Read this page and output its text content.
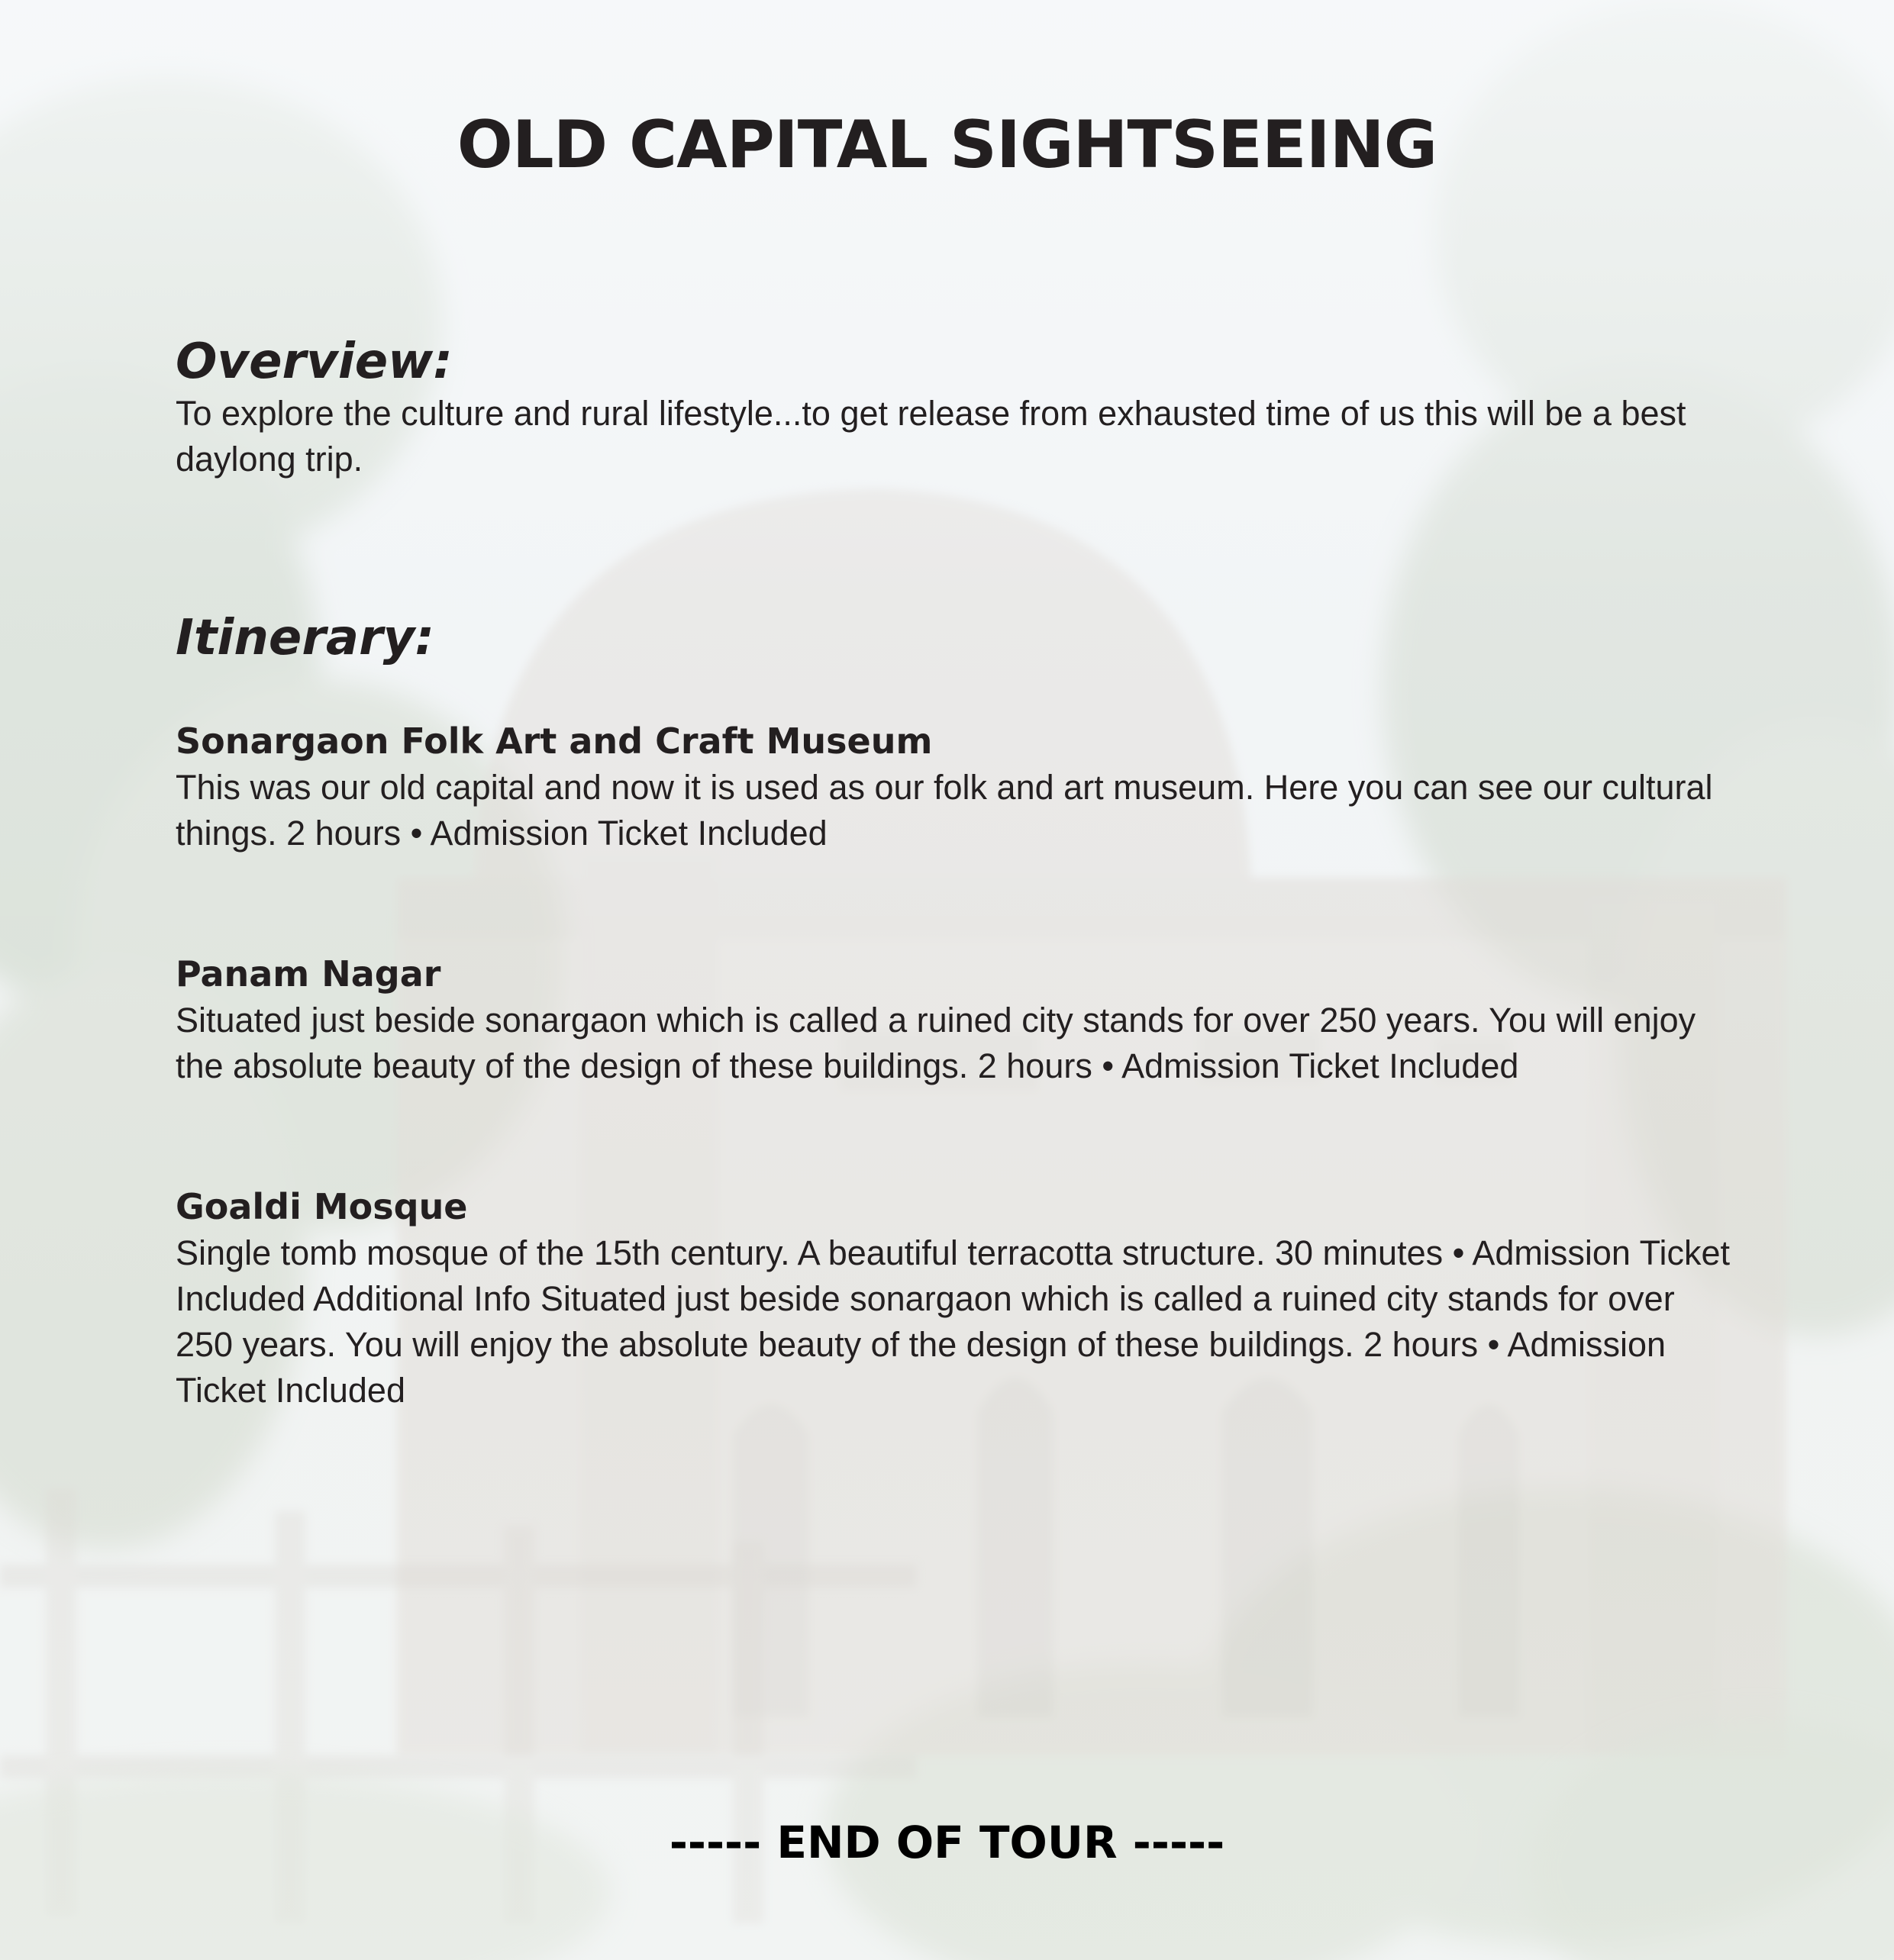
OLD CAPITAL SIGHTSEEING
Overview:

To explore the culture and rural lifestyle...to get release from exhausted time of us this will be a best daylong trip.

Itinerary:

Sonargaon Folk Art and Craft Museum

This was our old capital and now it is used as our folk and art museum. Here you can see our cultural things. 2 hours • Admission Ticket Included

Panam Nagar

Situated just beside sonargaon which is called a ruined city stands for over 250 years. You will enjoy the absolute beauty of the design of these buildings. 2 hours • Admission Ticket Included

Goaldi Mosque

Single tomb mosque of the 15th century. A beautiful terracotta structure. 30 minutes • Admission Ticket Included Additional Info Situated just beside sonargaon which is called a ruined city stands for over 250 years. You will enjoy the absolute beauty of the design of these buildings. 2 hours • Admission Ticket Included

----- END OF TOUR -----
